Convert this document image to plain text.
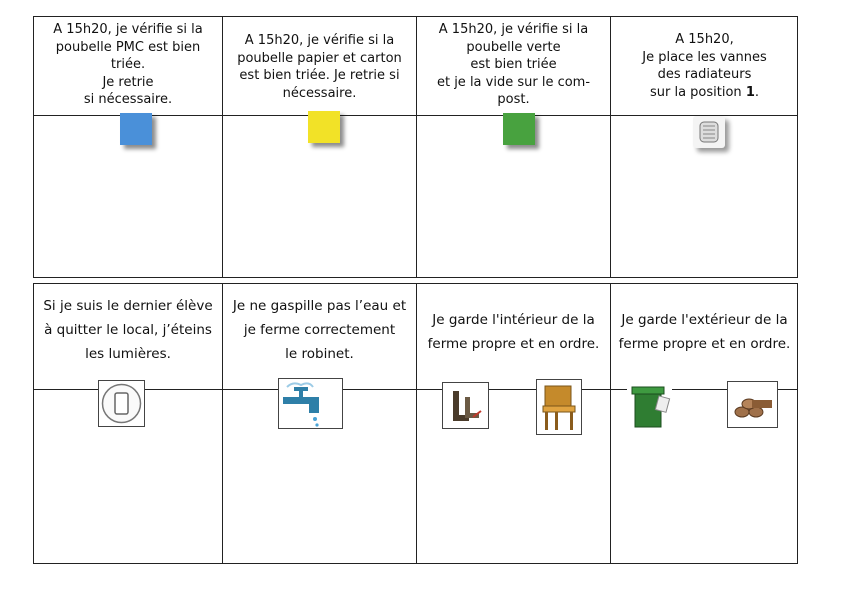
A 15h20, je vérifie si la
poubelle PMC est bien
triée.
Je retrie
si nécessaire.
A 15h20, je vérifie si la
poubelle papier et carton
est bien triée. Je retrie si
nécessaire.
A 15h20, je vérifie si la
poubelle verte
est bien triée
et je la vide sur le com-
post.
A 15h20,
Je place les vannes
des radiateurs
sur la position 1.
Si je suis le dernier élève
à quitter le local, j’éteins
les lumières.
Je ne gaspille pas l’eau et
je ferme correctement
le robinet.
Je garde l'intérieur de la
ferme propre et en ordre.
Je garde l'extérieur de la
ferme propre et en ordre.
